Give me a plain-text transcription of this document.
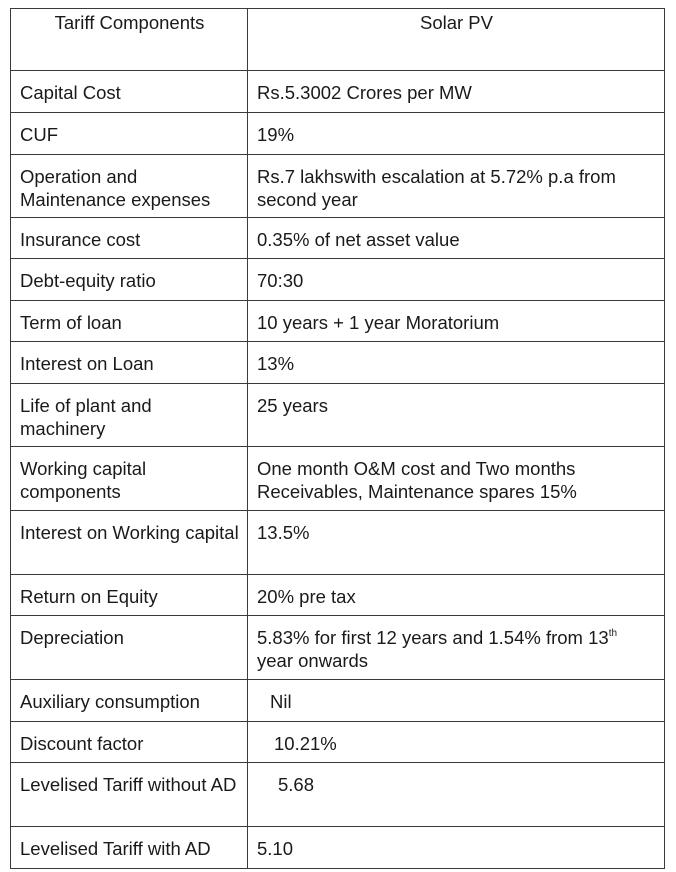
Tariff Components	Solar PV

Capital Cost	Rs.5.3002 Crores per MW

CUF	19%

Operation and Maintenance expenses	Rs.7 lakhswith escalation at 5.72% p.a from second year

Insurance cost	0.35% of net asset value

Debt-equity ratio	70:30

Term of loan	10 years + 1 year Moratorium

Interest on Loan	13%

Life of plant and machinery	25 years

Working capital components	One month O&M cost and Two months Receivables, Maintenance spares 15%

Interest on Working capital	13.5%

Return on Equity	20% pre tax

Depreciation	5.83% for first 12 years and 1.54% from 13th
year onwards

Auxiliary consumption	Nil

Discount factor	10.21%

Levelised Tariff without AD	5.68

Levelised Tariff with AD	5.10
